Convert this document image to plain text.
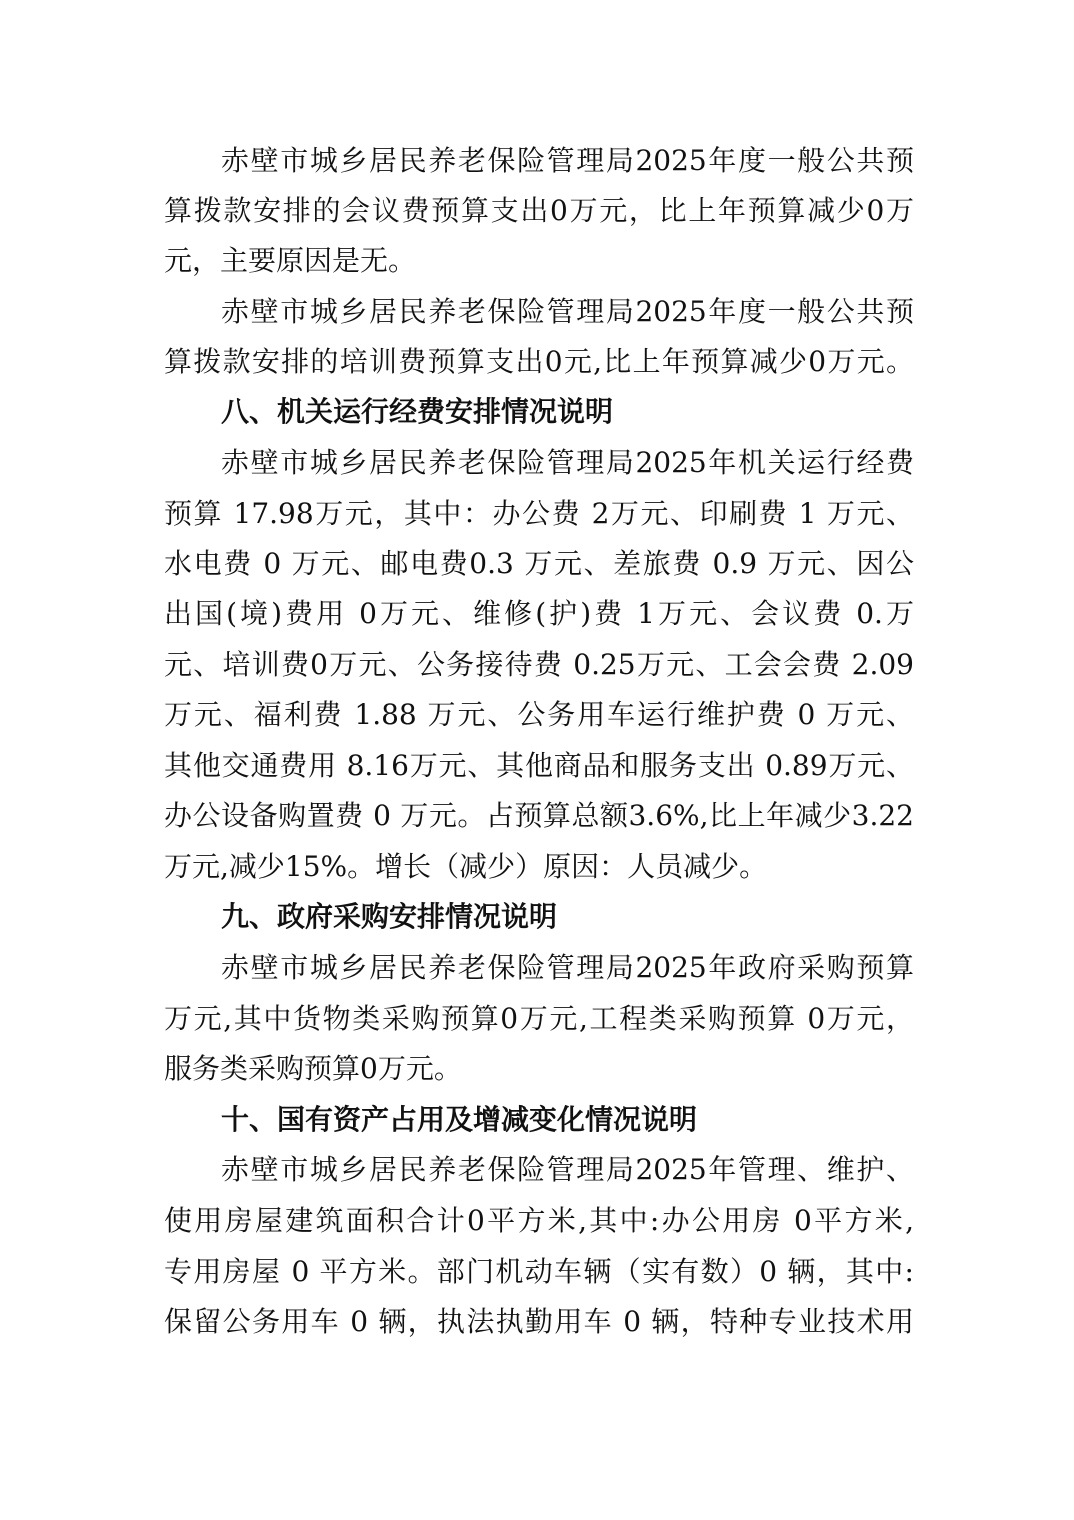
赤壁市城乡居民养老保险管理局2025年度一般公共预
算拨款安排的会议费预算支出0万元，比上年预算减少0万
元，主要原因是无。
赤壁市城乡居民养老保险管理局2025年度一般公共预
算拨款安排的培训费预算支出0元,比上年预算减少0万元。
八、机关运行经费安排情况说明
赤壁市城乡居民养老保险管理局2025年机关运行经费
预算 17.98万元，其中：办公费 2万元、印刷费 1 万元、
水电费 0 万元、邮电费0.3 万元、差旅费 0.9 万元、因公
出国(境)费用 0万元、维修(护)费 1万元、会议费 0.万
元、培训费0万元、公务接待费 0.25万元、工会会费 2.09
万元、福利费 1.88 万元、公务用车运行维护费 0 万元、
其他交通费用 8.16万元、其他商品和服务支出 0.89万元、
办公设备购置费 0 万元。占预算总额3.6%,比上年减少3.22
万元,减少15%。增长（减少）原因：人员减少。
九、政府采购安排情况说明
赤壁市城乡居民养老保险管理局2025年政府采购预算
万元,其中货物类采购预算0万元,工程类采购预算 0万元，
服务类采购预算0万元。
十、国有资产占用及增减变化情况说明
赤壁市城乡居民养老保险管理局2025年管理、维护、
使用房屋建筑面积合计0平方米,其中:办公用房 0平方米,
专用房屋 0 平方米。部门机动车辆（实有数）0 辆，其中:
保留公务用车 0 辆，执法执勤用车 0 辆，特种专业技术用
